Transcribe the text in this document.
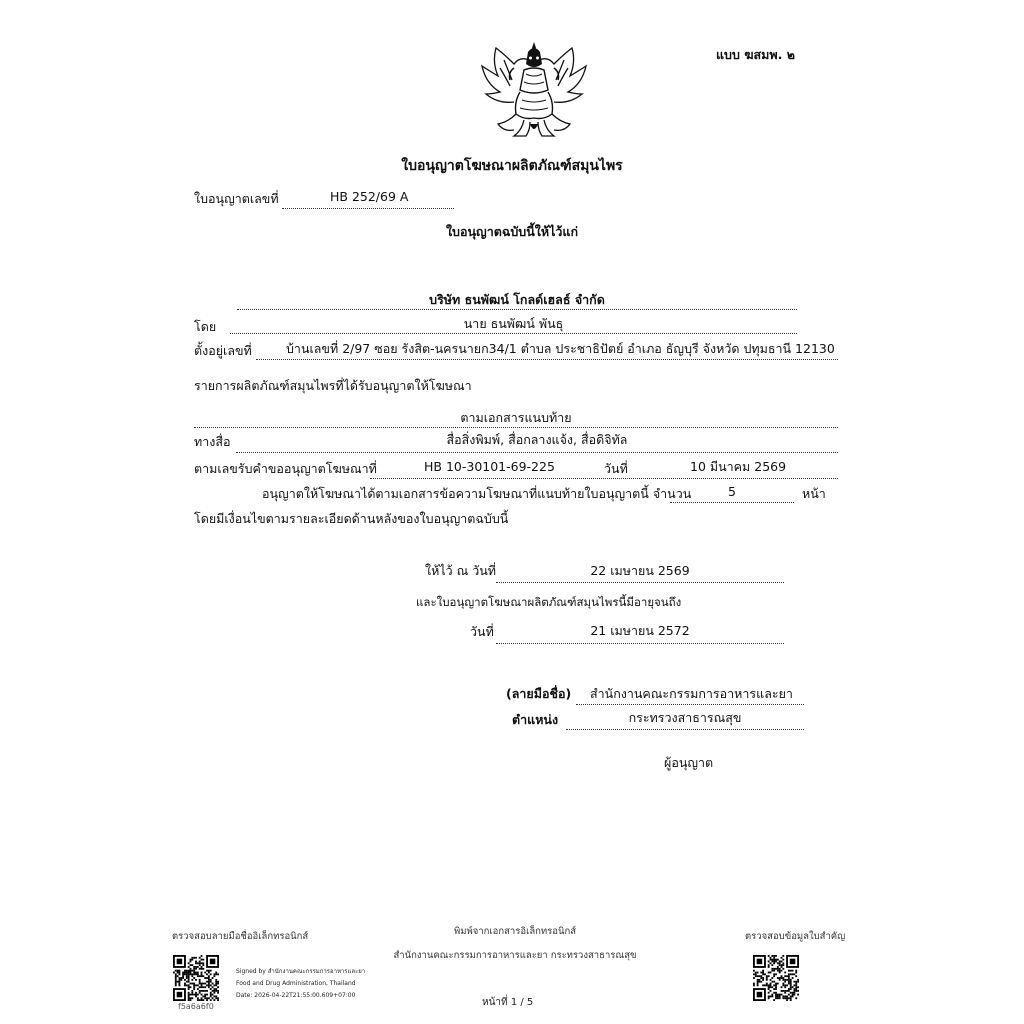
แบบ ฆสมพ. ๒
ใบอนุญาตโฆษณาผลิตภัณฑ์สมุนไพร
ใบอนุญาตเลขที่	HB 252/69 A
ใบอนุญาตฉบับนี้ให้ไว้แก่
บริษัท ธนพัฒน์ โกลด์เฮลธ์ จำกัด
โดย	นาย ธนพัฒน์ พันธุ
ตั้งอยู่เลขที่	บ้านเลขที่ 2/97 ซอย รังสิต-นครนายก34/1 ตำบล ประชาธิปัตย์ อำเภอ ธัญบุรี จังหวัด ปทุมธานี 12130
รายการผลิตภัณฑ์สมุนไพรที่ได้รับอนุญาตให้โฆษณา
ตามเอกสารแนบท้าย
ทางสื่อ	สื่อสิ่งพิมพ์, สื่อกลางแจ้ง, สื่อดิจิทัล
ตามเลขรับคำขออนุญาตโฆษณาที่	HB 10-30101-69-225	วันที่	10 มีนาคม 2569
อนุญาตให้โฆษณาได้ตามเอกสารข้อความโฆษณาที่แนบท้ายใบอนุญาตนี้ จำนวน	5	หน้า
โดยมีเงื่อนไขตามรายละเอียดด้านหลังของใบอนุญาตฉบับนี้
ให้ไว้ ณ วันที่	22 เมษายน 2569
และใบอนุญาตโฆษณาผลิตภัณฑ์สมุนไพรนี้มีอายุจนถึง
วันที่	21 เมษายน 2572
(ลายมือชื่อ) สำนักงานคณะกรรมการอาหารและยา
ตำแหน่ง	กระทรวงสาธารณสุข
ผู้อนุญาต
ตรวจสอบลายมือชื่ออิเล็กทรอนิกส์	พิมพ์จากเอกสารอิเล็กทรอนิกส์
สำนักงานคณะกรรมการอาหารและยา กระทรวงสาธารณสุข
ตรวจสอบข้อมูลใบสำคัญ
f5a6a6f0
Signed by สำนักงานคณะกรรมการอาหารและยา
Food and Drug Administration, Thailand
Date: 2026-04-22T21:55:00.609+07:00
หน้าที่ 1 / 5
